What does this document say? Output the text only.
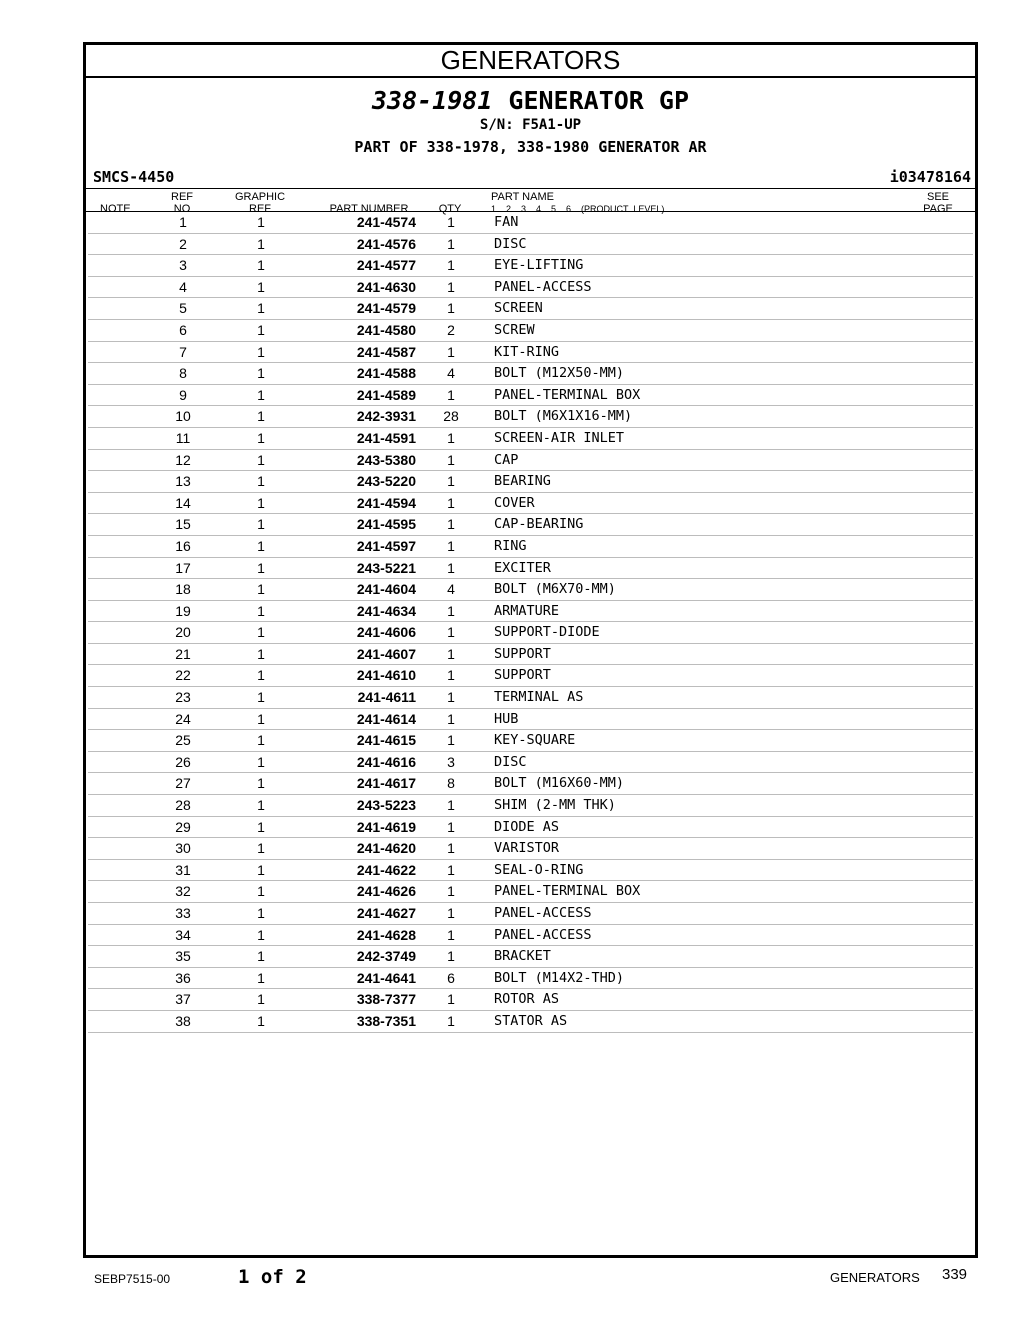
GENERATORS
338-1981 GENERATOR GP
S/N: F5A1-UP
PART OF 338-1978, 338-1980 GENERATOR AR
SMCS-4450	i03478164
NOTE
REF
NO
GRAPHIC
REF	PART NUMBER	QTY
PART NAME
1    2    3    4    5    6    (PRODUCT  LEVEL)
SEE
PAGE
1	1	241-4574	1	FAN
2	1	241-4576	1	DISC
3	1	241-4577	1	EYE-LIFTING
4	1	241-4630	1	PANEL-ACCESS
5	1	241-4579	1	SCREEN
6	1	241-4580	2	SCREW
7	1	241-4587	1	KIT-RING
8	1	241-4588	4	BOLT (M12X50-MM)
9	1	241-4589	1	PANEL-TERMINAL BOX
10	1	242-3931	28	BOLT (M6X1X16-MM)
11	1	241-4591	1	SCREEN-AIR INLET
12	1	243-5380	1	CAP
13	1	243-5220	1	BEARING
14	1	241-4594	1	COVER
15	1	241-4595	1	CAP-BEARING
16	1	241-4597	1	RING
17	1	243-5221	1	EXCITER
18	1	241-4604	4	BOLT (M6X70-MM)
19	1	241-4634	1	ARMATURE
20	1	241-4606	1	SUPPORT-DIODE
21	1	241-4607	1	SUPPORT
22	1	241-4610	1	SUPPORT
23	1	241-4611	1	TERMINAL AS
24	1	241-4614	1	HUB
25	1	241-4615	1	KEY-SQUARE
26	1	241-4616	3	DISC
27	1	241-4617	8	BOLT (M16X60-MM)
28	1	243-5223	1	SHIM (2-MM THK)
29	1	241-4619	1	DIODE AS
30	1	241-4620	1	VARISTOR
31	1	241-4622	1	SEAL-O-RING
32	1	241-4626	1	PANEL-TERMINAL BOX
33	1	241-4627	1	PANEL-ACCESS
34	1	241-4628	1	PANEL-ACCESS
35	1	242-3749	1	BRACKET
36	1	241-4641	6	BOLT (M14X2-THD)
37	1	338-7377	1	ROTOR AS
38	1	338-7351	1	STATOR AS
SEBP7515-00	1 of 2	GENERATORS 339
